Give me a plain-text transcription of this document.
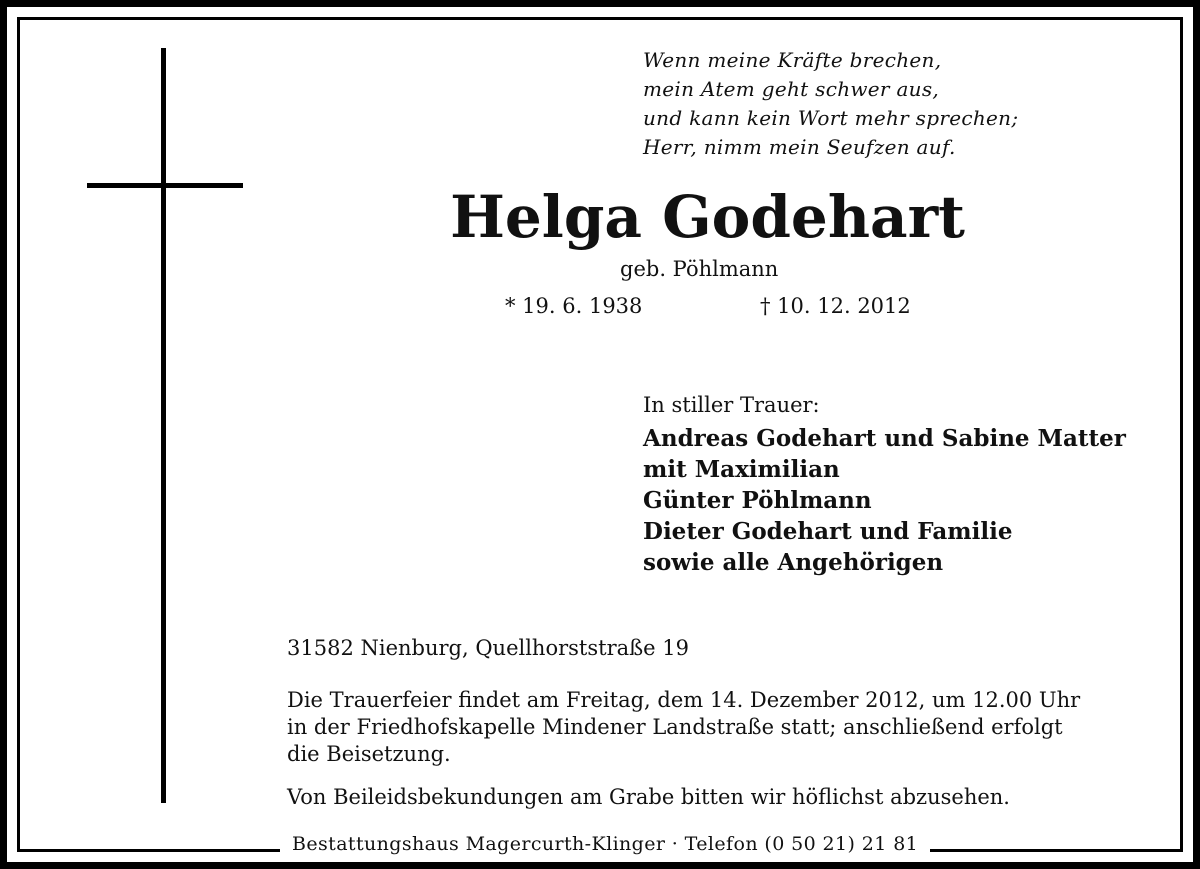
Wenn meine Kräfte brechen,
mein Atem geht schwer aus,
und kann kein Wort mehr sprechen;
Herr, nimm mein Seufzen auf.
Helga Godehart
geb. Pöhlmann
* 19. 6. 1938	† 10. 12. 2012
In stiller Trauer:
Andreas Godehart und Sabine Matter
mit Maximilian
Günter Pöhlmann
Dieter Godehart und Familie
sowie alle Angehörigen
31582 Nienburg, Quellhorststraße 19
Die Trauerfeier findet am Freitag, dem 14. Dezember 2012, um 12.00 Uhr
in der Friedhofskapelle Mindener Landstraße statt; anschließend erfolgt
die Beisetzung.
Von Beileidsbekundungen am Grabe bitten wir höflichst abzusehen.
Bestattungshaus Magercurth-Klinger · Telefon (0 50 21) 21 81
